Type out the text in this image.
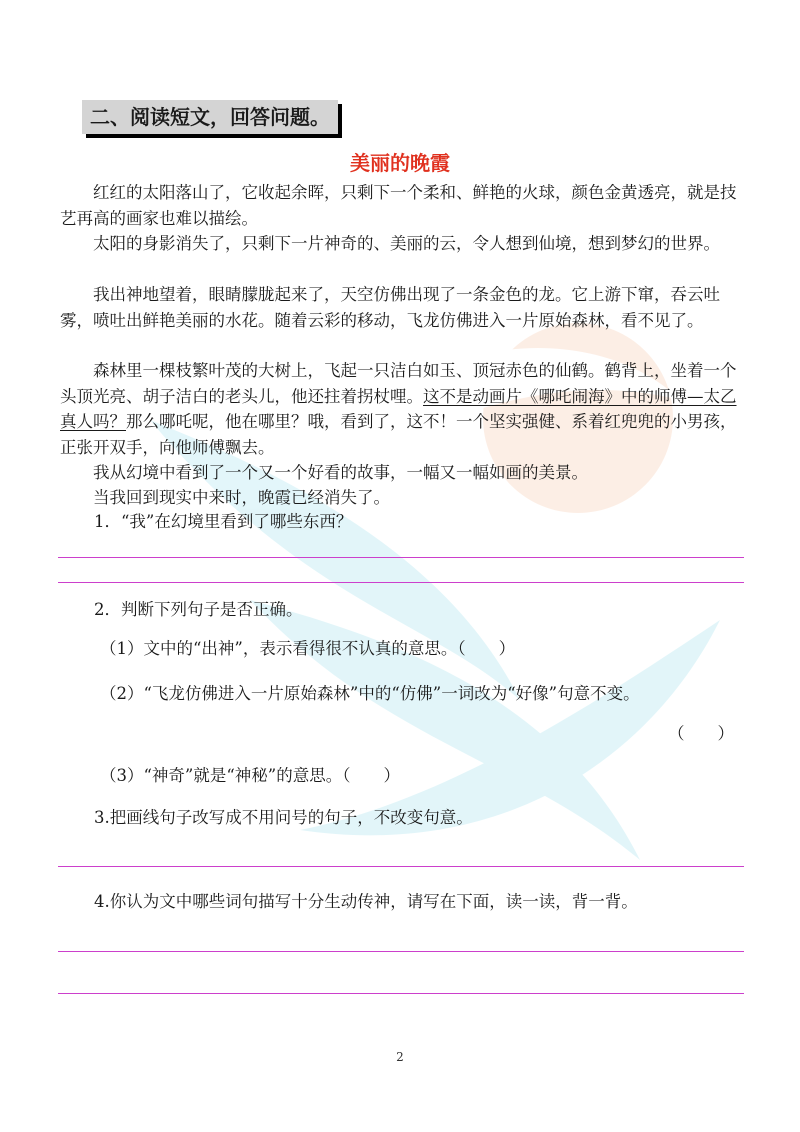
二、阅读短文，回答问题。
美丽的晚霞
红红的太阳落山了，它收起余晖，只剩下一个柔和、鲜艳的火球，颜色金黄透亮，就是技艺再高的画家也难以描绘。
太阳的身影消失了，只剩下一片神奇的、美丽的云，令人想到仙境，想到梦幻的世界。
我出神地望着，眼睛朦胧起来了，天空仿佛出现了一条金色的龙。它上游下窜，吞云吐雾，喷吐出鲜艳美丽的水花。随着云彩的移动，飞龙仿佛进入一片原始森林，看不见了。
森林里一棵枝繁叶茂的大树上，飞起一只洁白如玉、顶冠赤色的仙鹤。鹤背上，坐着一个头顶光亮、胡子洁白的老头儿，他还拄着拐杖哩。这不是动画片《哪吒闹海》中的师傅—太乙真人吗？那么哪吒呢，他在哪里？哦，看到了，这不！一个坚实强健、系着红兜兜的小男孩，正张开双手，向他师傅飘去。
我从幻境中看到了一个又一个好看的故事，一幅又一幅如画的美景。
当我回到现实中来时，晚霞已经消失了。
1．“我”在幻境里看到了哪些东西？
2．判断下列句子是否正确。
（1）文中的“出神”，表示看得很不认真的意思。（　　）
（2）“飞龙仿佛进入一片原始森林”中的“仿佛”一词改为“好像”句意不变。
（　　）
（3）“神奇”就是“神秘”的意思。（　　）
3.把画线句子改写成不用问号的句子，不改变句意。
4.你认为文中哪些词句描写十分生动传神，请写在下面，读一读，背一背。
2
